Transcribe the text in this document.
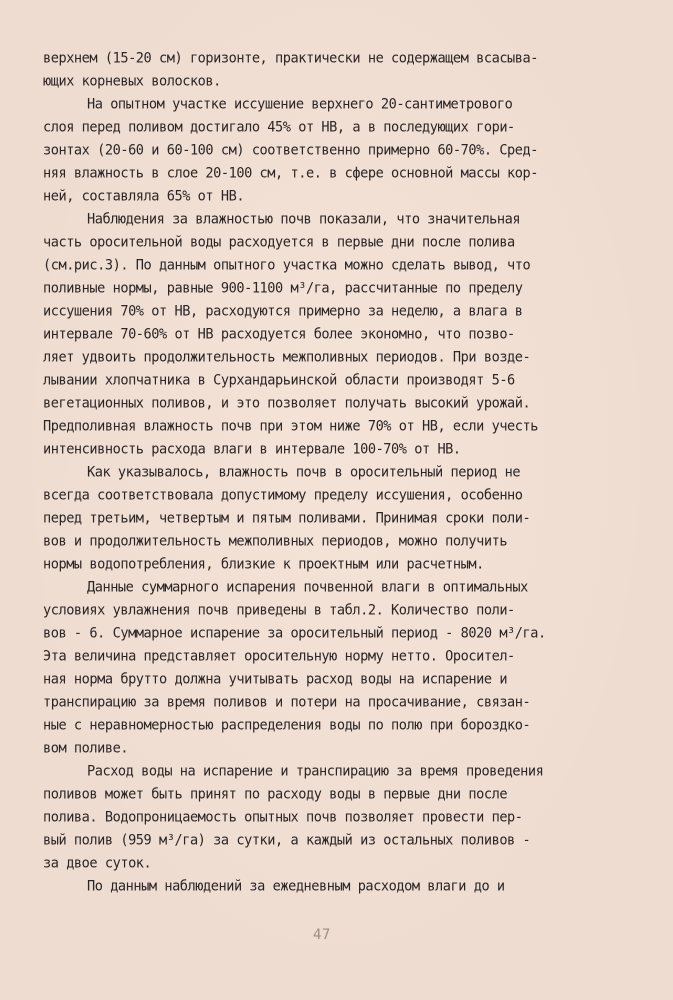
верхнем (15-20 см) горизонте, практически не содержащем всасыва-
ющих корневых волосков.
На опытном участке иссушение верхнего 20-сантиметрового
слоя перед поливом достигало 45% от НВ, а в последующих гори-
зонтах (20-60 и 60-100 см) соответственно примерно 60-70%. Сред-
няя влажность в слое 20-100 см, т.е. в сфере основной массы кор-
ней, составляла 65% от НВ.
Наблюдения за влажностью почв показали, что значительная
часть оросительной воды расходуется в первые дни после полива
(см.рис.3). По данным опытного участка можно сделать вывод, что
поливные нормы, равные 900-1100 м³/га, рассчитанные по пределу
иссушения 70% от НВ, расходуются примерно за неделю, а влага в
интервале 70-60% от НВ расходуется более экономно, что позво-
ляет удвоить продолжительность межполивных периодов. При возде-
лывании хлопчатника в Сурхандарьинской области производят 5-6
вегетационных поливов, и это позволяет получать высокий урожай.
Предполивная влажность почв при этом ниже 70% от НВ, если учесть
интенсивность расхода влаги в интервале 100-70% от НВ.
Как указывалось, влажность почв в оросительный период не
всегда соответствовала допустимому пределу иссушения, особенно
перед третьим, четвертым и пятым поливами. Принимая сроки поли-
вов и продолжительность межполивных периодов, можно получить
нормы водопотребления, близкие к проектным или расчетным.
Данные суммарного испарения почвенной влаги в оптимальных
условиях увлажнения почв приведены в табл.2. Количество поли-
вов - 6. Суммарное испарение за оросительный период - 8020 м³/га.
Эта величина представляет оросительную норму нетто. Оросител-
ная норма брутто должна учитывать расход воды на испарение и
транспирацию за время поливов и потери на просачивание, связан-
ные с неравномерностью распределения воды по полю при бороздко-
вом поливе.
Расход воды на испарение и транспирацию за время проведения
поливов может быть принят по расходу воды в первые дни после
полива. Водопроницаемость опытных почв позволяет провести пер-
вый полив (959 м³/га) за сутки, а каждый из остальных поливов -
за двое суток.
По данным наблюдений за ежедневным расходом влаги до и
47
